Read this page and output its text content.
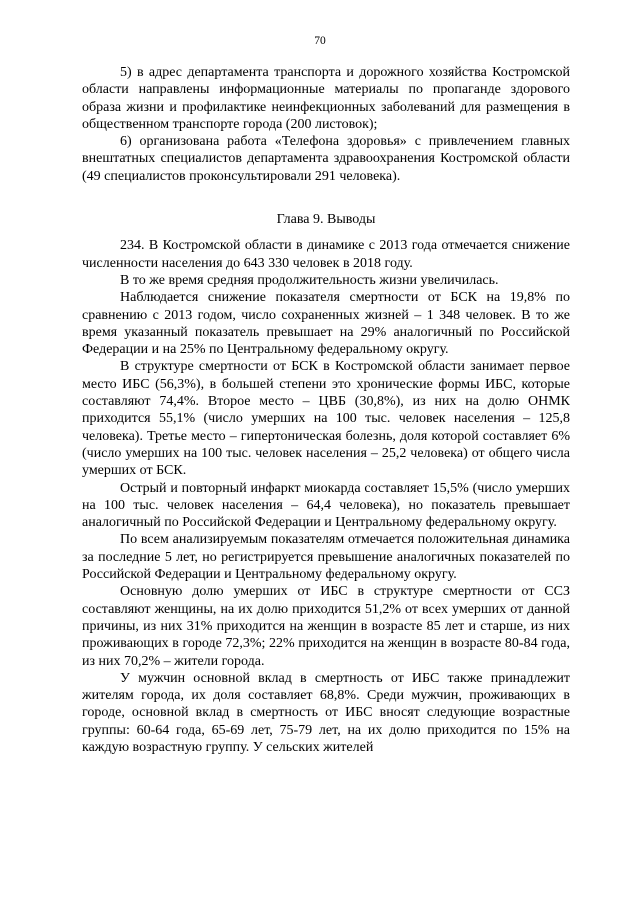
70

5) в адрес департамента транспорта и дорожного хозяйства Костромской области направлены информационные материалы по пропаганде здорового образа жизни и профилактике неинфекционных заболеваний для размещения в общественном транспорте города (200 листовок);

6) организована работа «Телефона здоровья» с привлечением главных внештатных специалистов департамента здравоохранения Костромской области (49 специалистов проконсультировали 291 человека).

Глава 9. Выводы

234. В Костромской области в динамике с 2013 года отмечается снижение численности населения до 643 330 человек в 2018 году.

В то же время средняя продолжительность жизни увеличилась.

Наблюдается снижение показателя смертности от БСК на 19,8% по сравнению с 2013 годом, число сохраненных жизней – 1 348 человек. В то же время указанный показатель превышает на 29% аналогичный по Российской Федерации и на 25% по Центральному федеральному округу.

В структуре смертности от БСК в Костромской области занимает первое место ИБС (56,3%), в большей степени это хронические формы ИБС, которые составляют 74,4%. Второе место – ЦВБ (30,8%), из них на долю ОНМК приходится 55,1% (число умерших на 100 тыс. человек населения – 125,8 человека). Третье место – гипертоническая болезнь, доля которой составляет 6% (число умерших на 100 тыс. человек населения – 25,2 человека) от общего числа умерших от БСК.

Острый и повторный инфаркт миокарда составляет 15,5% (число умерших на 100 тыс. человек населения – 64,4 человека), но показатель превышает аналогичный по Российской Федерации и Центральному федеральному округу.

По всем анализируемым показателям отмечается положительная динамика за последние 5 лет, но регистрируется превышение аналогичных показателей по Российской Федерации и Центральному федеральному округу.

Основную долю умерших от ИБС в структуре смертности от ССЗ составляют женщины, на их долю приходится 51,2% от всех умерших от данной причины, из них 31% приходится на женщин в возрасте 85 лет и старше, из них проживающих в городе 72,3%; 22% приходится на женщин в возрасте 80-84 года, из них 70,2% – жители города.

У мужчин основной вклад в смертность от ИБС также принадлежит жителям города, их доля составляет 68,8%. Среди мужчин, проживающих в городе, основной вклад в смертность от ИБС вносят следующие возрастные группы: 60-64 года, 65-69 лет, 75-79 лет, на их долю приходится по 15% на каждую возрастную группу. У сельских жителей
